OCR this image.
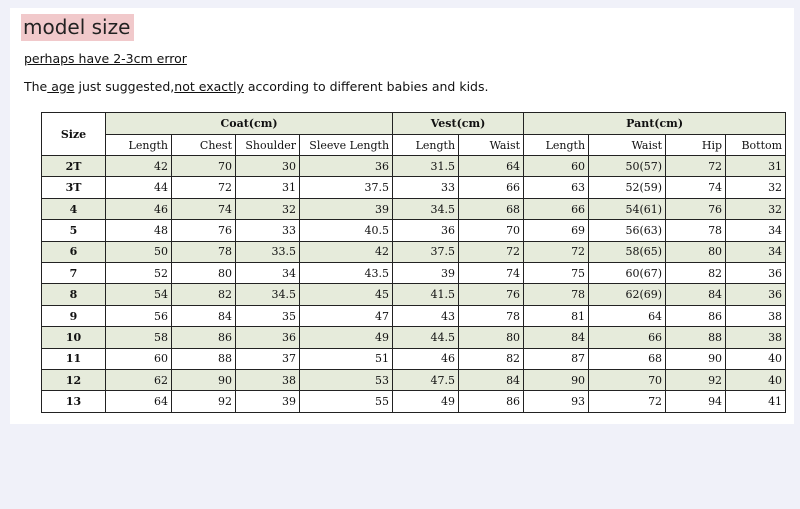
model size
perhaps have 2-3cm error
The age just suggested,not exactly according to different babies and kids.
Size	Coat(cm)				Vest(cm)		Pant(cm)			
	Length	Chest	Shoulder	Sleeve Length	Length	Waist	Length	Waist	Hip	Bottom
2T	42	70	30	36	31.5	64	60	50(57)	72	31
3T	44	72	31	37.5	33	66	63	52(59)	74	32
4	46	74	32	39	34.5	68	66	54(61)	76	32
5	48	76	33	40.5	36	70	69	56(63)	78	34
6	50	78	33.5	42	37.5	72	72	58(65)	80	34
7	52	80	34	43.5	39	74	75	60(67)	82	36
8	54	82	34.5	45	41.5	76	78	62(69)	84	36
9	56	84	35	47	43	78	81	64	86	38
10	58	86	36	49	44.5	80	84	66	88	38
11	60	88	37	51	46	82	87	68	90	40
12	62	90	38	53	47.5	84	90	70	92	40
13	64	92	39	55	49	86	93	72	94	41
